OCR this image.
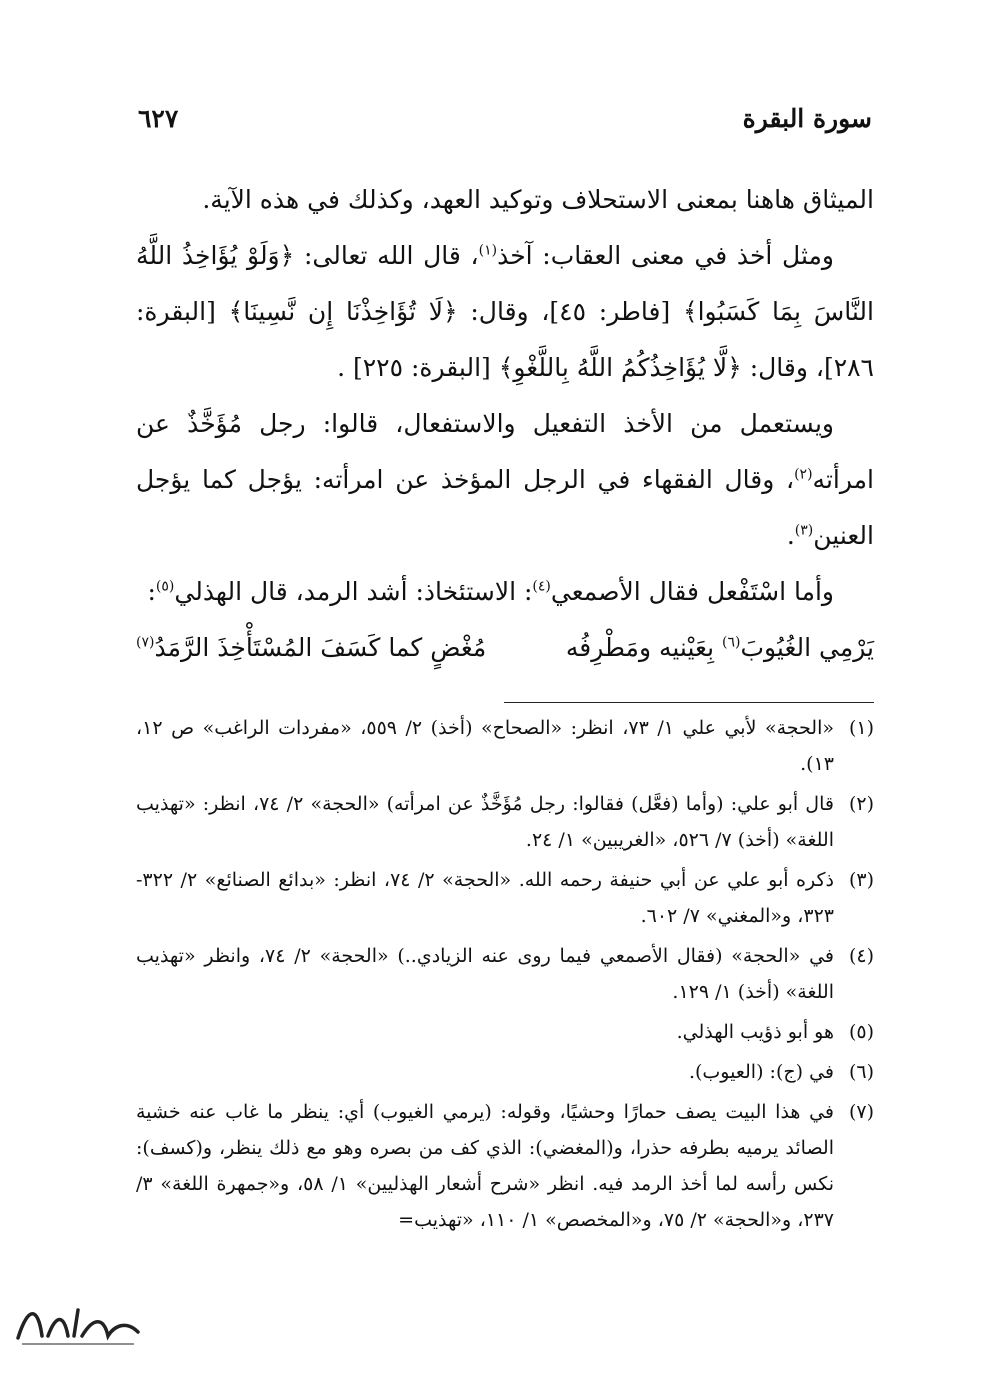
سورة البقرة
٦٢٧

الميثاق هاهنا بمعنى الاستحلاف وتوكيد العهد، وكذلك في هذه الآية.

ومثل أخذ في معنى العقاب: آخذ$^{(١)}$، قال الله تعالى: ﴿وَلَوْ يُؤَاخِذُ اللَّهُ النَّاسَ بِمَا كَسَبُوا﴾ [فاطر: ٤٥]، وقال: ﴿لَا تُؤَاخِذْنَا إِن نَّسِينَا﴾ [البقرة: ٢٨٦]، وقال: ﴿لَّا يُؤَاخِذُكُمُ اللَّهُ بِاللَّغْوِ﴾ [البقرة: ٢٢٥] .

ويستعمل من الأخذ التفعيل والاستفعال، قالوا: رجل مُؤَخَّذٌ عن امرأته$^{(٢)}$، وقال الفقهاء في الرجل المؤخذ عن امرأته: يؤجل كما يؤجل العنين$^{(٣)}$.

وأما اسْتَفْعل فقال الأصمعي$^{(٤)}$: الاستئخاذ: أشد الرمد، قال الهذلي$^{(٥)}$:

يَرْمِي الغُيُوبَ$^{(٦)}$ بِعَيْنيه ومَطْرِفُه
مُغْضٍ كما كَسَفَ المُسْتَأْخِذَ الرَّمَدُ$^{(٧)}$
(١)
«الحجة» لأبي علي ١/ ٧٣، انظر: «الصحاح» (أخذ) ٢/ ٥٥٩، «مفردات الراغب» ص ١٢، ١٣).
(٢)
قال أبو علي: (وأما (فعَّل) فقالوا: رجل مُؤَخَّذٌ عن امرأته) «الحجة» ٢/ ٧٤، انظر: «تهذيب اللغة» (أخذ) ٧/ ٥٢٦، «الغريبين» ١/ ٢٤.
(٣)
ذكره أبو علي عن أبي حنيفة رحمه الله. «الحجة» ٢/ ٧٤، انظر: «بدائع الصنائع» ٢/ ٣٢٢- ٣٢٣، و«المغني» ٧/ ٦٠٢.
(٤)
في «الحجة» (فقال الأصمعي فيما روى عنه الزيادي..) «الحجة» ٢/ ٧٤، وانظر «تهذيب اللغة» (أخذ) ١/ ١٢٩.
(٥)
هو أبو ذؤيب الهذلي.
(٦)
في (ج): (العيوب).
(٧)
في هذا البيت يصف حمارًا وحشيًا، وقوله: (يرمي الغيوب) أي: ينظر ما غاب عنه خشية الصائد يرميه بطرفه حذرا، و(المغضي): الذي كف من بصره وهو مع ذلك ينظر، و(كسف): نكس رأسه لما أخذ الرمد فيه. انظر «شرح أشعار الهذليين» ١/ ٥٨، و«جمهرة اللغة» ٣/ ٢٣٧، و«الحجة» ٢/ ٧٥، و«المخصص» ١/ ١١٠، «تهذيب=
